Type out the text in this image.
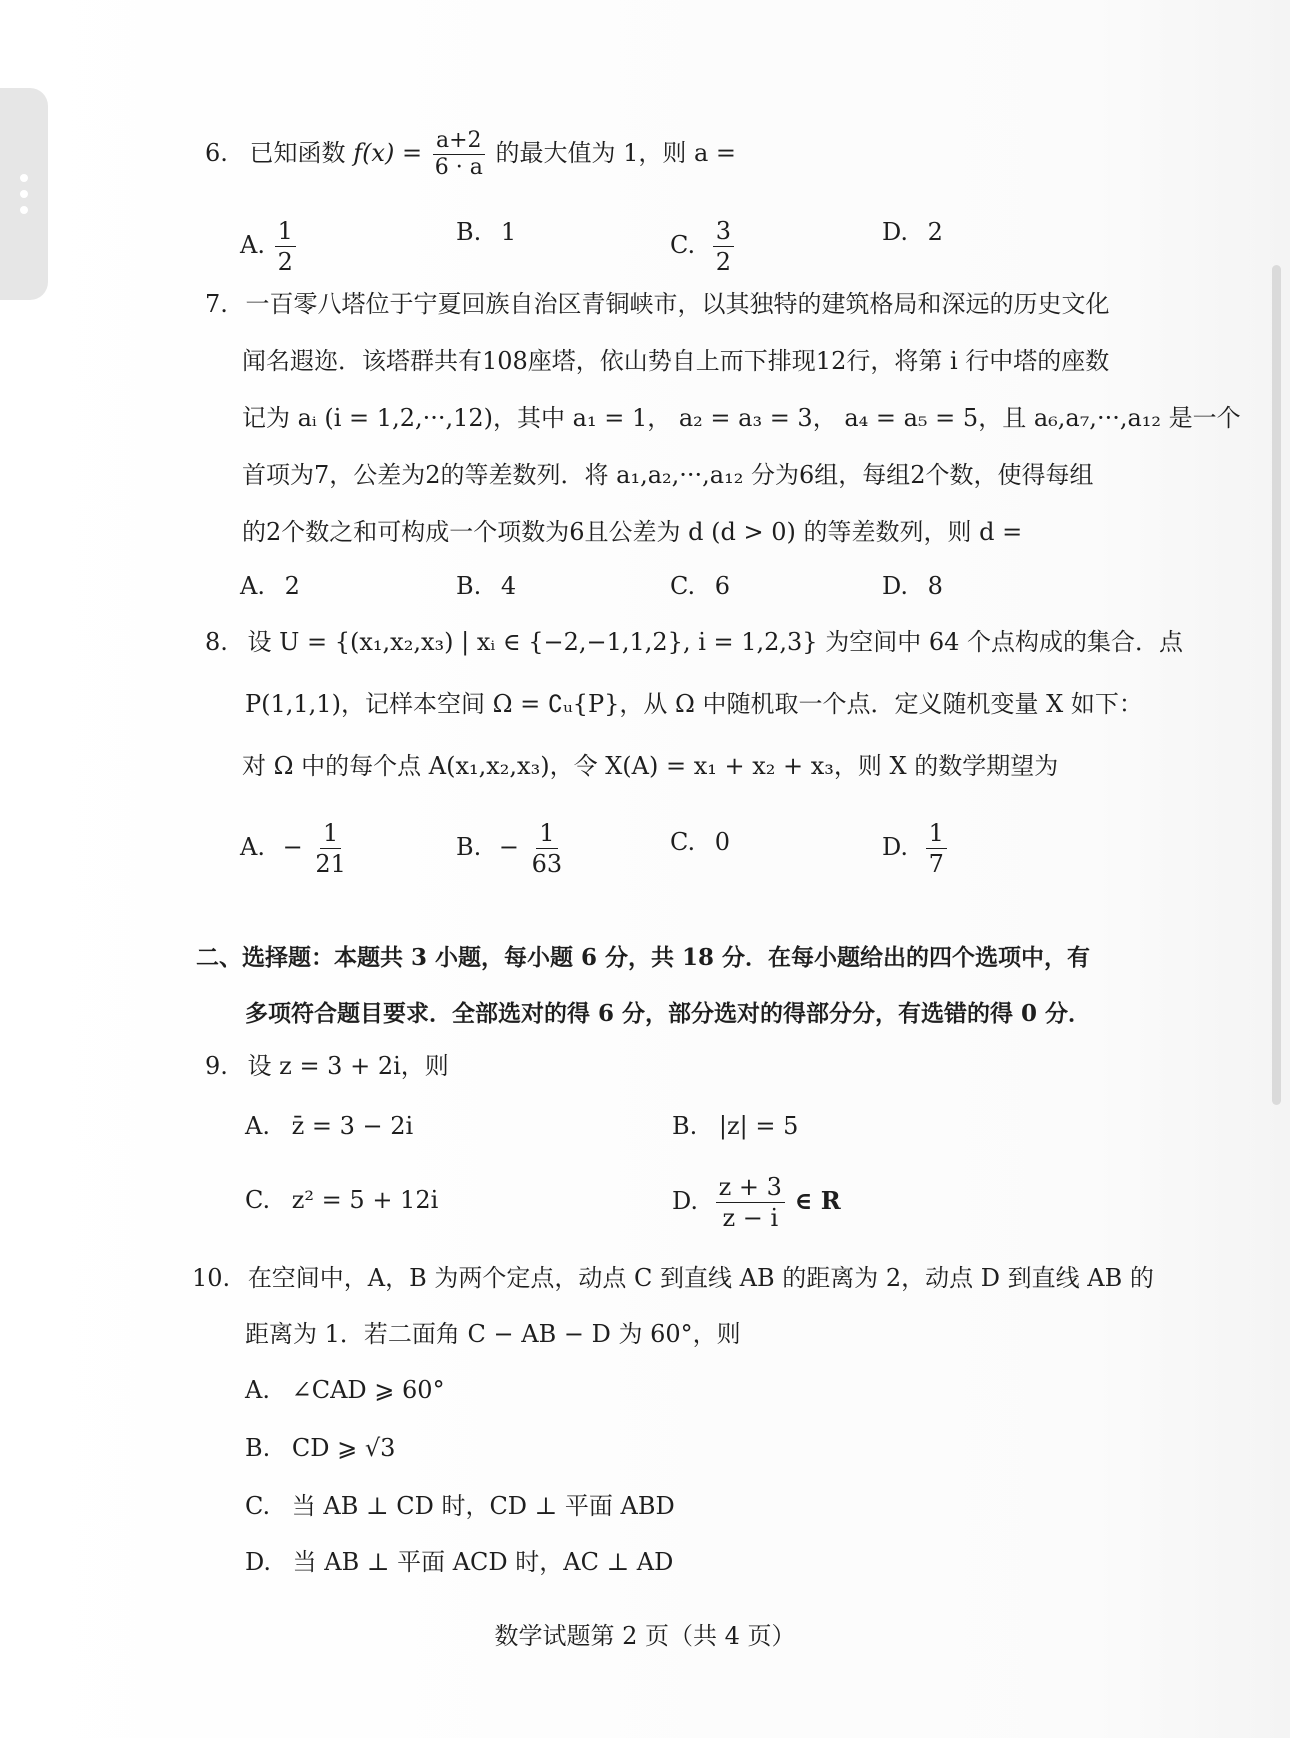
6. 已知函数 $f(x) = \frac{a+2}{6 \cdot a}$ 的最大值为 1，则 a =
A. $\frac{1}{2}$	B. 1	C. $\frac{3}{2}$	D. 2
7. 一百零八塔位于宁夏回族自治区青铜峡市，以其独特的建筑格局和深远的历史文化
闻名遐迩．该塔群共有108座塔，依山势自上而下排现12行，将第 i 行中塔的座数
记为 aᵢ (i = 1,2,···,12)，其中 a₁ = 1， a₂ = a₃ = 3， a₄ = a₅ = 5，且 a₆,a₇,···,a₁₂ 是一个
首项为7，公差为2的等差数列．将 a₁,a₂,···,a₁₂ 分为6组，每组2个数，使得每组
的2个数之和可构成一个项数为6且公差为 d (d > 0) 的等差数列，则 d =
A. 2	B. 4	C. 6	D. 8
8. 设 U = {(x₁,x₂,x₃) | xᵢ ∈ {−2,−1,1,2}, i = 1,2,3} 为空间中 64 个点构成的集合．点
P(1,1,1)，记样本空间 Ω = ∁ᵤ{P}，从 Ω 中随机取一个点．定义随机变量 X 如下：
对 Ω 中的每个点 A(x₁,x₂,x₃)，令 X(A) = x₁ + x₂ + x₃，则 X 的数学期望为
A. − $\frac{1}{21}$	B. − $\frac{1}{63}$	C. 0	D. $\frac{1}{7}$
二、选择题：本题共 3 小题，每小题 6 分，共 18 分．在每小题给出的四个选项中，有
多项符合题目要求．全部选对的得 6 分，部分选对的得部分分，有选错的得 0 分．
9. 设 z = 3 + 2i，则
A. z̄ = 3 − 2i	B. |z| = 5
C. z² = 5 + 12i	D. $\frac{z + 3}{z - i}$ ∈ R
10. 在空间中，A，B 为两个定点，动点 C 到直线 AB 的距离为 2，动点 D 到直线 AB 的
距离为 1．若二面角 C − AB − D 为 60°，则
A. ∠CAD ⩾ 60°
B. CD ⩾ √3
C. 当 AB ⊥ CD 时，CD ⊥ 平面 ABD
D. 当 AB ⊥ 平面 ACD 时，AC ⊥ AD
数学试题第 2 页（共 4 页）
